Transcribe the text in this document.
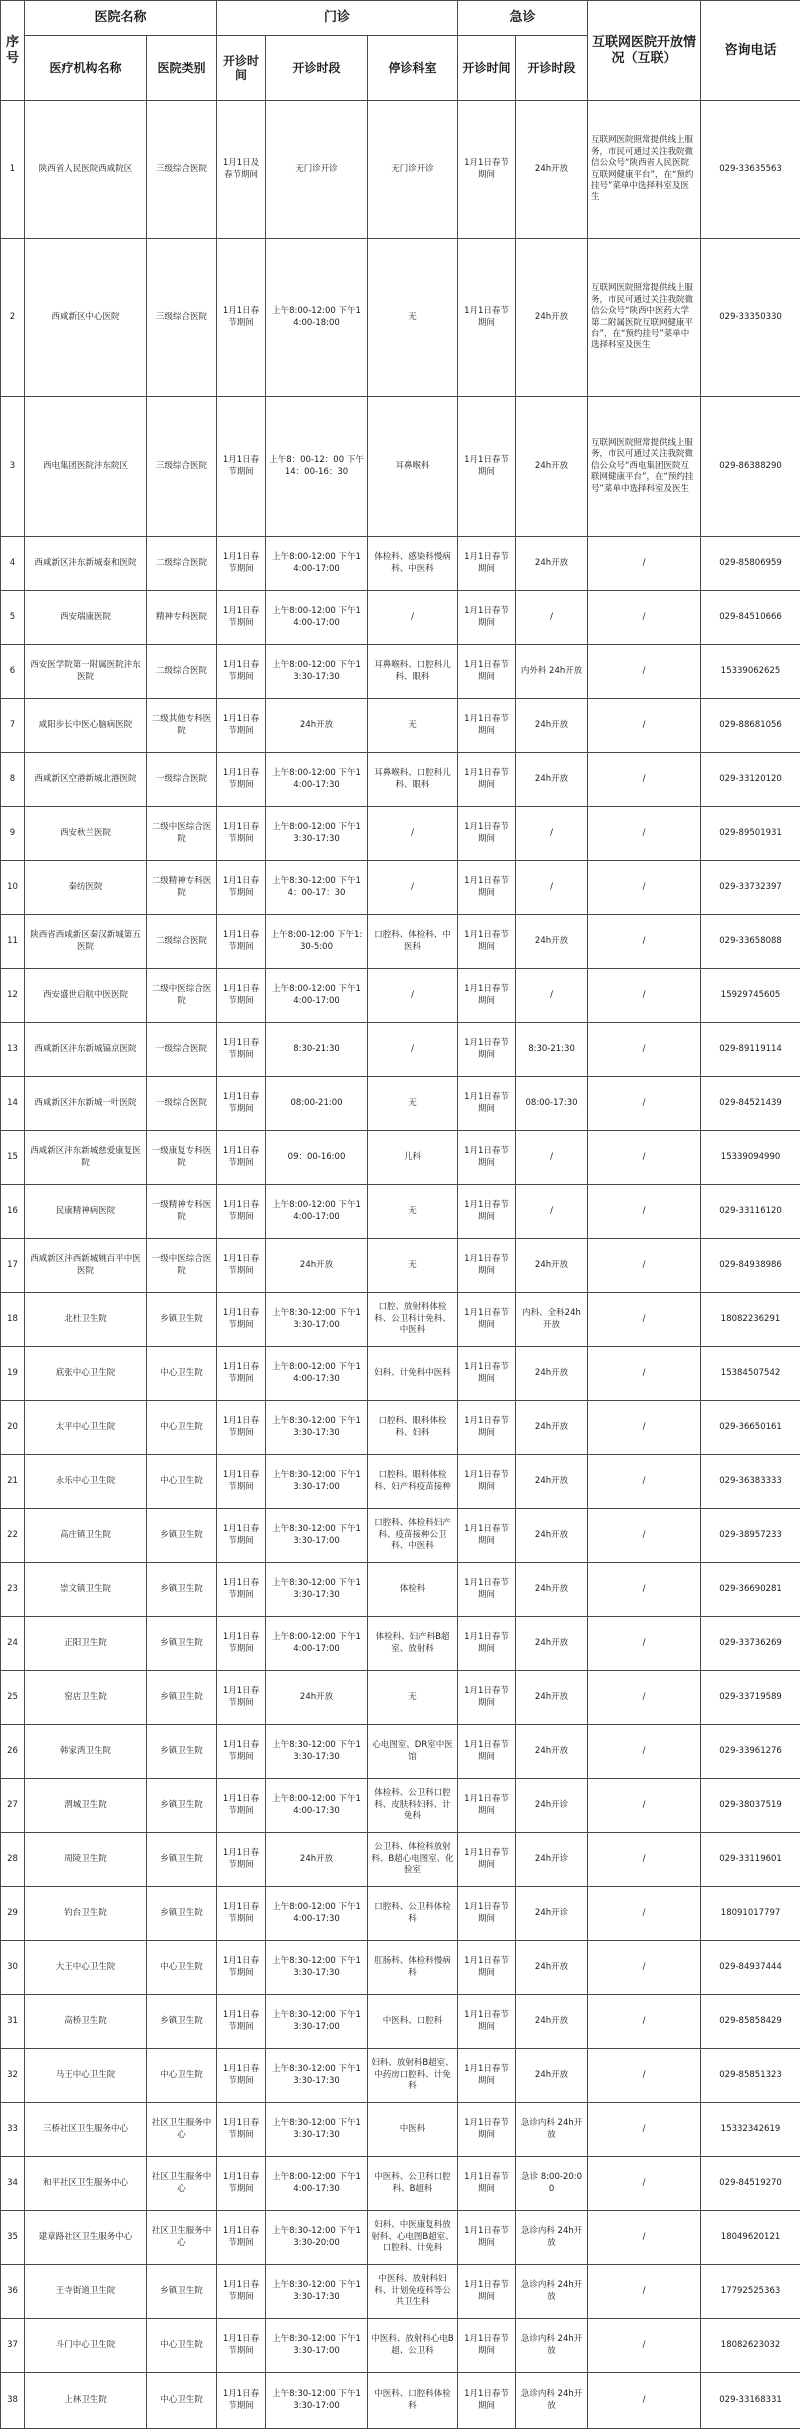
序号	医院名称		门诊			急诊		互联网医院开放情况（互联）	咨询电话
	医疗机构名称	医院类别	开诊时间	开诊时段	停诊科室	开诊时间	开诊时段		
1	陕西省人民医院西咸院区	三级综合医院	1月1日及春节期间	无门诊开诊	无门诊开诊	1月1日春节期间	24h开放	互联网医院照常提供线上服务，市民可通过关注我院微信公众号“陕西省人民医院互联网健康平台”，在“预约挂号”菜单中选择科室及医生	029-33635563
2	西咸新区中心医院	三级综合医院	1月1日春节期间	上午8:00-12:00 下午14:00-18:00	无	1月1日春节期间	24h开放	互联网医院照常提供线上服务，市民可通过关注我院微信公众号“陕西中医药大学第二附属医院互联网健康平台”，在“预约挂号”菜单中选择科室及医生	029-33350330
3	西电集团医院沣东院区	三级综合医院	1月1日春节期间	上午8：00-12：00 下午14：00-16：30	耳鼻喉科	1月1日春节期间	24h开放	互联网医院照常提供线上服务，市民可通过关注我院微信公众号“西电集团医院互联网健康平台”，在“预约挂号”菜单中选择科室及医生	029-86388290
4	西咸新区沣东新城泰和医院	二级综合医院	1月1日春节期间	上午8:00-12:00 下午14:00-17:00	体检科、感染科慢病科、中医科	1月1日春节期间	24h开放	/	029-85806959
5	西安瑞康医院	精神专科医院	1月1日春节期间	上午8:00-12:00 下午14:00-17:00	/	1月1日春节期间	/	/	029-84510666
6	西安医学院第一附属医院沣东医院	二级综合医院	1月1日春节期间	上午8:00-12:00 下午13:30-17:30	耳鼻喉科、口腔科儿科、眼科	1月1日春节期间	内外科 24h开放	/	15339062625
7	咸阳步长中医心脑病医院	二级其他专科医院	1月1日春节期间	24h开放	无	1月1日春节期间	24h开放	/	029-88681056
8	西咸新区空港新城北港医院	一级综合医院	1月1日春节期间	上午8:00-12:00 下午14:00-17:30	耳鼻喉科、口腔科儿科、眼科	1月1日春节期间	24h开放	/	029-33120120
9	西安秋兰医院	二级中医综合医院	1月1日春节期间	上午8:00-12:00 下午13:30-17:30	/	1月1日春节期间	/	/	029-89501931
10	秦纺医院	二级精神专科医院	1月1日春节期间	上午8:30-12:00 下午14：00-17：30	/	1月1日春节期间	/	/	029-33732397
11	陕西省西咸新区秦汉新城第五医院	二级综合医院	1月1日春节期间	上午8:00-12:00 下午1:30-5:00	口腔科、体检科、中医科	1月1日春节期间	24h开放	/	029-33658088
12	西安盛世启航中医医院	二级中医综合医院	1月1日春节期间	上午8:00-12:00 下午14:00-17:00	/	1月1日春节期间	/	/	15929745605
13	西咸新区沣东新城镐京医院	一级综合医院	1月1日春节期间	8:30-21:30	/	1月1日春节期间	8:30-21:30	/	029-89119114
14	西咸新区沣东新城一叶医院	一级综合医院	1月1日春节期间	08:00-21:00	无	1月1日春节期间	08:00-17:30	/	029-84521439
15	西咸新区沣东新城慈爱康复医院	一级康复专科医院	1月1日春节期间	09：00-16:00	儿科	1月1日春节期间	/	/	15339094990
16	民康精神病医院	一级精神专科医院	1月1日春节期间	上午8:00-12:00 下午14:00-17:00	无	1月1日春节期间	/	/	029-33116120
17	西咸新区沣西新城姚百平中医医院	一级中医综合医院	1月1日春节期间	24h开放	无	1月1日春节期间	24h开放	/	029-84938986
18	北杜卫生院	乡镇卫生院	1月1日春节期间	上午8:30-12:00 下午13:30-17:00	口腔、放射科体检科、公卫科计免科、中医科	1月1日春节期间	内科、全科24h开放	/	18082236291
19	底张中心卫生院	中心卫生院	1月1日春节期间	上午8:00-12:00 下午14:00-17:30	妇科、计免科中医科	1月1日春节期间	24h开放	/	15384507542
20	太平中心卫生院	中心卫生院	1月1日春节期间	上午8:30-12:00 下午13:30-17:30	口腔科、眼科体检科、妇科	1月1日春节期间	24h开放	/	029-36650161
21	永乐中心卫生院	中心卫生院	1月1日春节期间	上午8:30-12:00 下午13:30-17:00	口腔科、眼科体检科、妇产科疫苗接种	1月1日春节期间	24h开放	/	029-36383333
22	高庄镇卫生院	乡镇卫生院	1月1日春节期间	上午8:30-12:00 下午13:30-17:00	口腔科、体检科妇产科、疫苗接种公卫科、中医科	1月1日春节期间	24h开放	/	029-38957233
23	崇文镇卫生院	乡镇卫生院	1月1日春节期间	上午8:30-12:00 下午13:30-17:30	体检科	1月1日春节期间	24h开放	/	029-36690281
24	正阳卫生院	乡镇卫生院	1月1日春节期间	上午8:00-12:00 下午14:00-17:00	体检科、妇产科B超室、放射科	1月1日春节期间	24h开放	/	029-33736269
25	窑店卫生院	乡镇卫生院	1月1日春节期间	24h开放	无	1月1日春节期间	24h开放	/	029-33719589
26	韩家湾卫生院	乡镇卫生院	1月1日春节期间	上午8:30-12:00 下午13:30-17:30	心电图室、DR室中医馆	1月1日春节期间	24h开放	/	029-33961276
27	渭城卫生院	乡镇卫生院	1月1日春节期间	上午8:00-12:00 下午14:00-17:30	体检科、公卫科口腔科、皮肤科妇科、计免科	1月1日春节期间	24h开诊	/	029-38037519
28	周陵卫生院	乡镇卫生院	1月1日春节期间	24h开放	公卫科、体检科放射科、B超心电图室、化验室	1月1日春节期间	24h开诊	/	029-33119601
29	钓台卫生院	乡镇卫生院	1月1日春节期间	上午8:00-12:00 下午14:00-17:30	口腔科、公卫科体检科	1月1日春节期间	24h开诊	/	18091017797
30	大王中心卫生院	中心卫生院	1月1日春节期间	上午8:30-12:00 下午13:30-17:30	肛肠科、体检科慢病科	1月1日春节期间	24h开放	/	029-84937444
31	高桥卫生院	乡镇卫生院	1月1日春节期间	上午8:30-12:00 下午13:30-17:00	中医科、口腔科	1月1日春节期间	24h开放	/	029-85858429
32	马王中心卫生院	中心卫生院	1月1日春节期间	上午8:30-12:00 下午13:30-17:30	妇科、放射科B超室、中药房口腔科、计免科	1月1日春节期间	24h开放	/	029-85851323
33	三桥社区卫生服务中心	社区卫生服务中心	1月1日春节期间	上午8:30-12:00 下午13:30-17:30	中医科	1月1日春节期间	急诊内科 24h开放	/	15332342619
34	和平社区卫生服务中心	社区卫生服务中心	1月1日春节期间	上午8:00-12:00 下午14:00-17:30	中医科、公卫科口腔科、B超科	1月1日春节期间	急诊 8:00-20:00	/	029-84519270
35	建章路社区卫生服务中心	社区卫生服务中心	1月1日春节期间	上午8:30-12:00 下午13:30-20:00	妇科、中医康复科放射科、心电图B超室、口腔科、计免科	1月1日春节期间	急诊内科 24h开放	/	18049620121
36	王寺街道卫生院	乡镇卫生院	1月1日春节期间	上午8:30-12:00 下午13:30-17:30	中医科、放射科妇科、计划免疫科等公共卫生科	1月1日春节期间	急诊内科 24h开放	/	17792525363
37	斗门中心卫生院	中心卫生院	1月1日春节期间	上午8:30-12:00 下午13:30-17:00	中医科、放射科心电B超、公卫科	1月1日春节期间	急诊内科 24h开放	/	18082623032
38	上林卫生院	中心卫生院	1月1日春节期间	上午8:30-12:00 下午13:30-17:00	中医科、口腔科体检科	1月1日春节期间	急诊内科 24h开放	/	029-33168331
